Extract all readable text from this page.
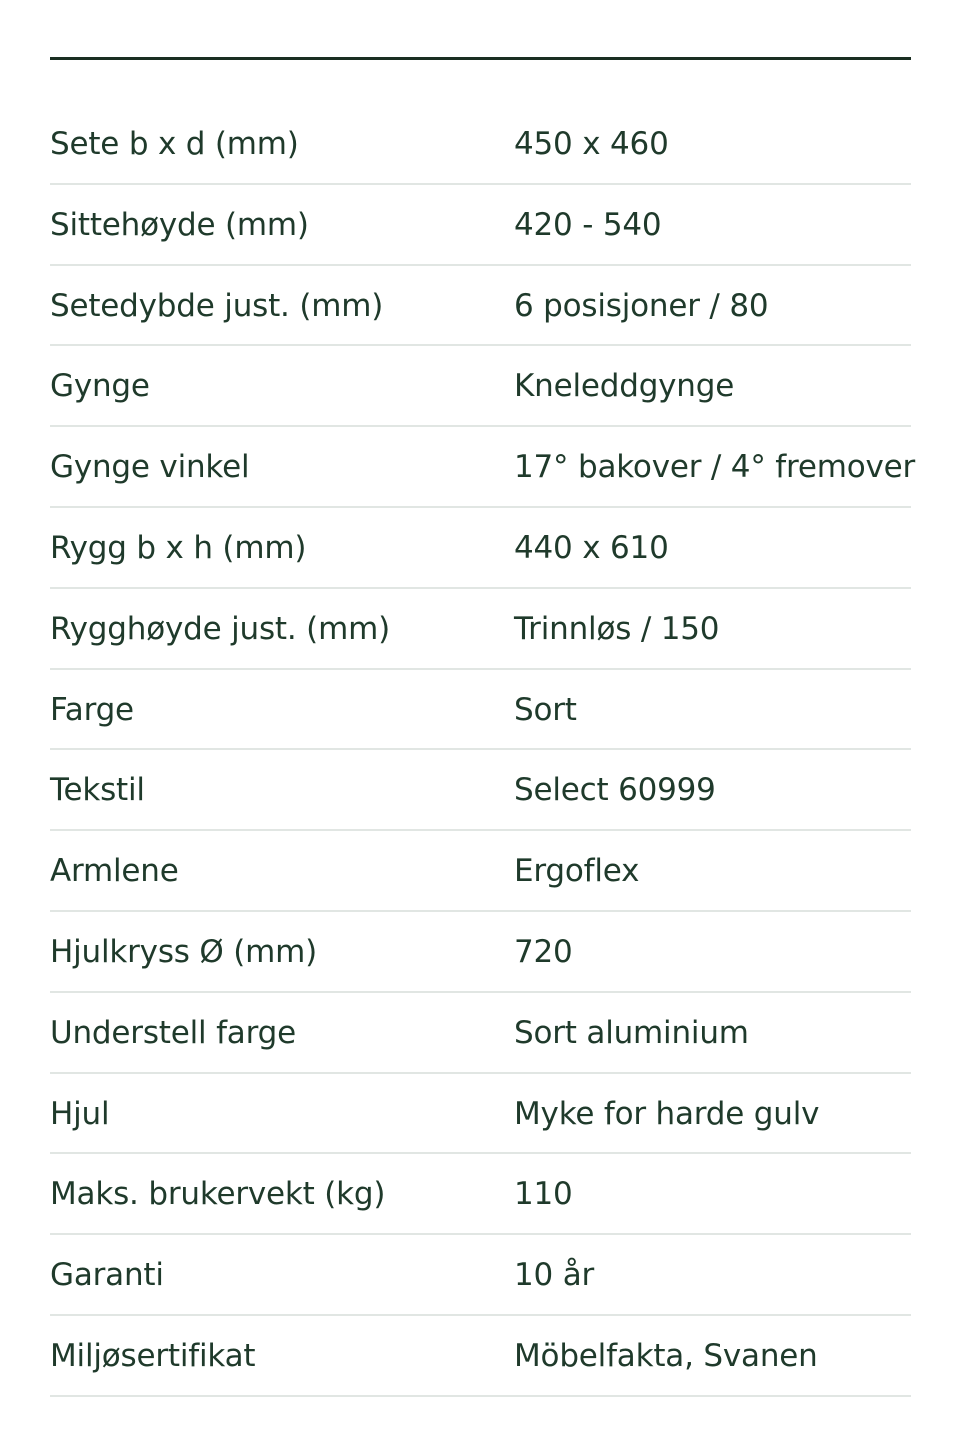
Sete b x d (mm)	450 x 460
Sittehøyde (mm)	420 - 540
Setedybde just. (mm)	6 posisjoner / 80
Gynge	Kneleddgynge
Gynge vinkel	17° bakover / 4° fremover
Rygg b x h (mm)	440 x 610
Rygghøyde just. (mm)	Trinnløs / 150
Farge	Sort
Tekstil	Select 60999
Armlene	Ergoflex
Hjulkryss Ø (mm)	720
Understell farge	Sort aluminium
Hjul	Myke for harde gulv
Maks. brukervekt (kg)	110
Garanti	10 år
Miljøsertifikat	Möbelfakta, Svanen
